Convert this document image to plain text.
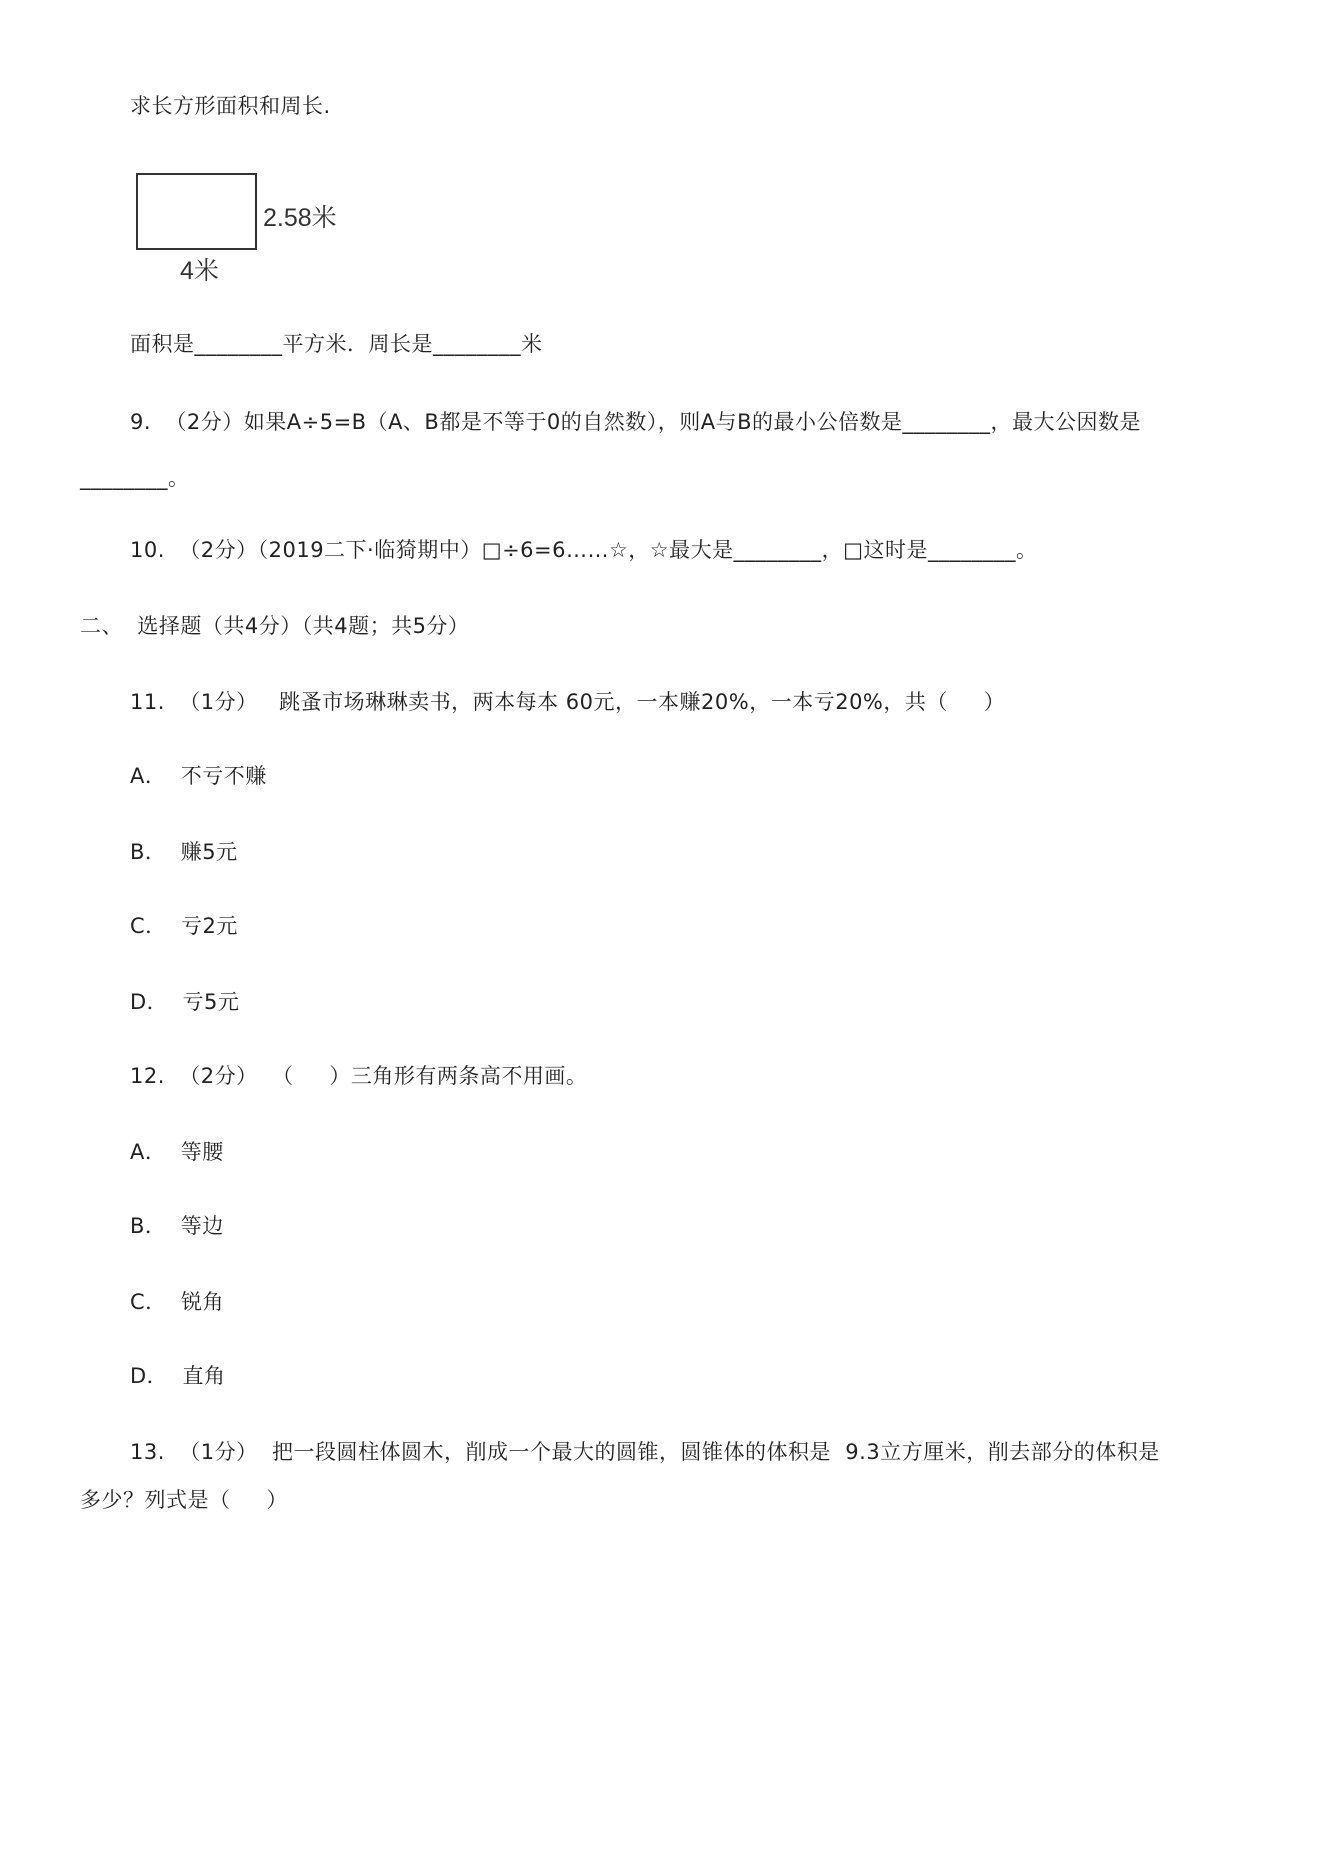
求长方形面积和周长.
2.58米
4米
面积是________平方米．周长是________米
9.  （2分）如果A÷5=B（A、B都是不等于0的自然数），则A与B的最小公倍数是________，最大公因数是
________。
10.  （2分）（2019二下·临猗期中）□÷6=6……☆，☆最大是________，□这时是________。
二、  选择题（共4分）（共4题；共5分）
11.  （1分）   跳蚤市场琳琳卖书，两本每本 60元，一本赚20%，一本亏20%，共（     ）
A．  不亏不赚
B．  赚5元
C．  亏2元
D．  亏5元
12.  （2分）  （     ）三角形有两条高不用画。
A．  等腰
B．  等边
C．  锐角
D．  直角
13.  （1分）  把一段圆柱体圆木，削成一个最大的圆锥，圆锥体的体积是  9.3立方厘米，削去部分的体积是
多少？列式是（     ）
